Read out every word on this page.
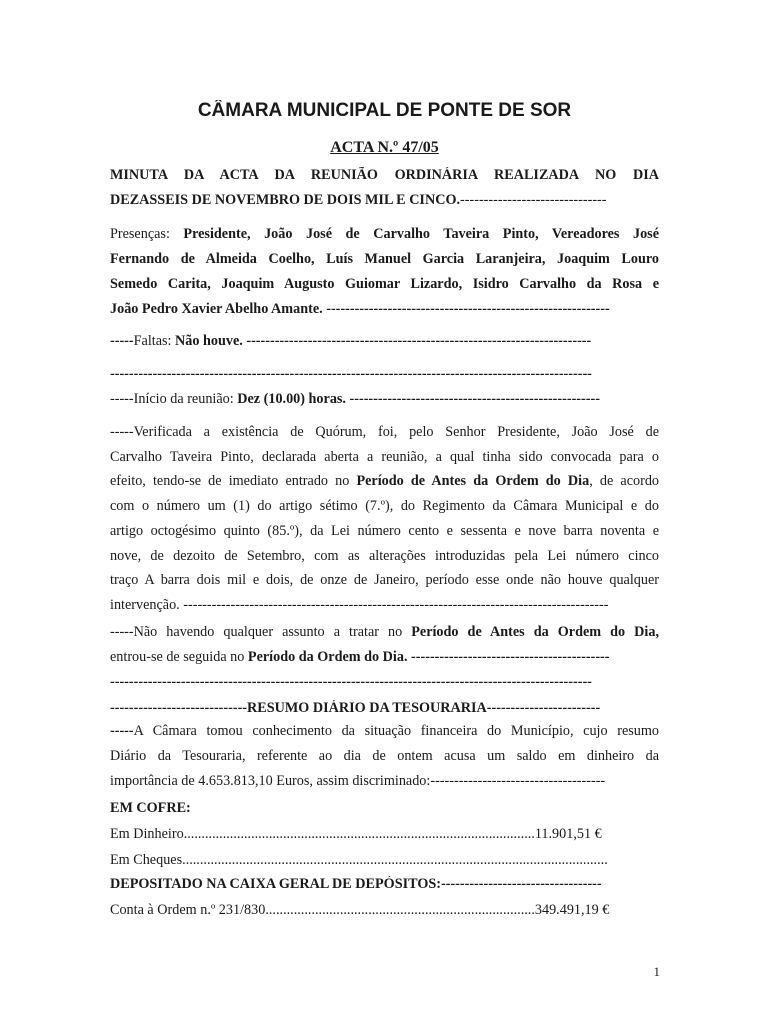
CÂMARA MUNICIPAL DE PONTE DE SOR
ACTA N.º 47/05
MINUTA DA ACTA DA REUNIÃO ORDINÁRIA REALIZADA NO DIA
DEZASSEIS DE NOVEMBRO DE DOIS MIL E CINCO.-------------------------------
Presenças: Presidente, João José de Carvalho Taveira Pinto, Vereadores José
Fernando de Almeida Coelho, Luís Manuel Garcia Laranjeira, Joaquim Louro
Semedo Carita, Joaquim Augusto Guiomar Lizardo, Isidro Carvalho da Rosa e
João Pedro Xavier Abelho Amante. ------------------------------------------------------------
-----Faltas: Não houve. -------------------------------------------------------------------------
------------------------------------------------------------------------------------------------------
-----Início da reunião: Dez (10.00) horas. -----------------------------------------------------
-----Verificada a existência de Quórum, foi, pelo Senhor Presidente, João José de
Carvalho Taveira Pinto, declarada aberta a reunião, a qual tinha sido convocada para o
efeito, tendo-se de imediato entrado no Período de Antes da Ordem do Dia, de acordo
com o número um (1) do artigo sétimo (7.º), do Regimento da Câmara Municipal e do
artigo octogésimo quinto (85.º), da Lei número cento e sessenta e nove barra noventa e
nove, de dezoito de Setembro, com as alterações introduzidas pela Lei número cinco
traço A barra dois mil e dois, de onze de Janeiro, período esse onde não houve qualquer
intervenção. ------------------------------------------------------------------------------------------
-----Não havendo qualquer assunto a tratar no Período de Antes da Ordem do Dia,
entrou-se de seguida no Período da Ordem do Dia. ------------------------------------------
------------------------------------------------------------------------------------------------------
-----------------------------RESUMO DIÁRIO DA TESOURARIA------------------------
-----A Câmara tomou conhecimento da situação financeira do Município, cujo resumo
Diário da Tesouraria, referente ao dia de ontem acusa um saldo em dinheiro da
importância de 4.653.813,10 Euros, assim discriminado:-------------------------------------
EM COFRE:
Em Dinheiro...................................................................................................11.901,51 €
Em Cheques........................................................................................................................
DEPOSITADO NA CAIXA GERAL DE DEPÓSITOS:----------------------------------
Conta à Ordem n.º 231/830............................................................................349.491,19 €
1
